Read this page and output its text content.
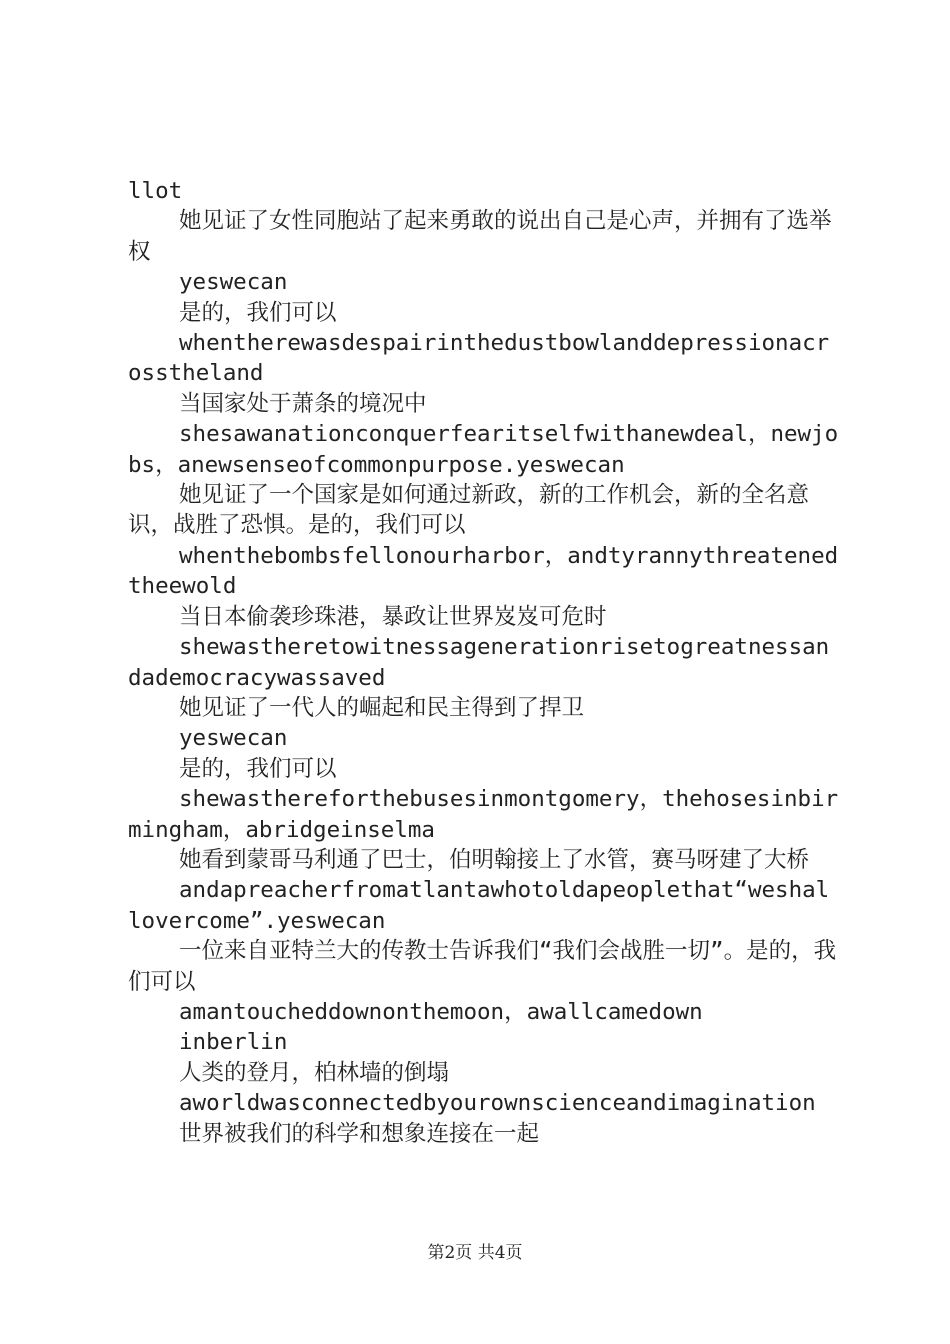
llot

她见证了女性同胞站了起来勇敢的说出自己是心声，并拥有了选举权

yeswecan

是的，我们可以

whentherewasdespairinthedustbowlanddepressionacrosstheland

当国家处于萧条的境况中

shesawanationconquerfearitselfwithanewdeal，newjobs，anewsenseofcommonpurpose.yeswecan

她见证了一个国家是如何通过新政，新的工作机会，新的全名意识，战胜了恐惧。是的，我们可以

whenthebombsfellonourharbor，andtyrannythreatenedtheewold

当日本偷袭珍珠港，暴政让世界岌岌可危时

shewastheretowitnessagenerationrisetogreatnessandademocracywassaved

她见证了一代人的崛起和民主得到了捍卫

yeswecan

是的，我们可以

shewasthereforthebusesinmontgomery，thehosesinbirmingham，abridgeinselma

她看到蒙哥马利通了巴士，伯明翰接上了水管，赛马呀建了大桥

andapreacherfromatlantawhotoldapeoplethat“weshallovercome”.yeswecan

一位来自亚特兰大的传教士告诉我们“我们会战胜一切”。是的，我们可以

amantoucheddownonthemoon，awallcamedown

inberlin

人类的登月，柏林墙的倒塌

aworldwasconnectedbyourownscienceandimagination

世界被我们的科学和想象连接在一起

第2页 共4页
